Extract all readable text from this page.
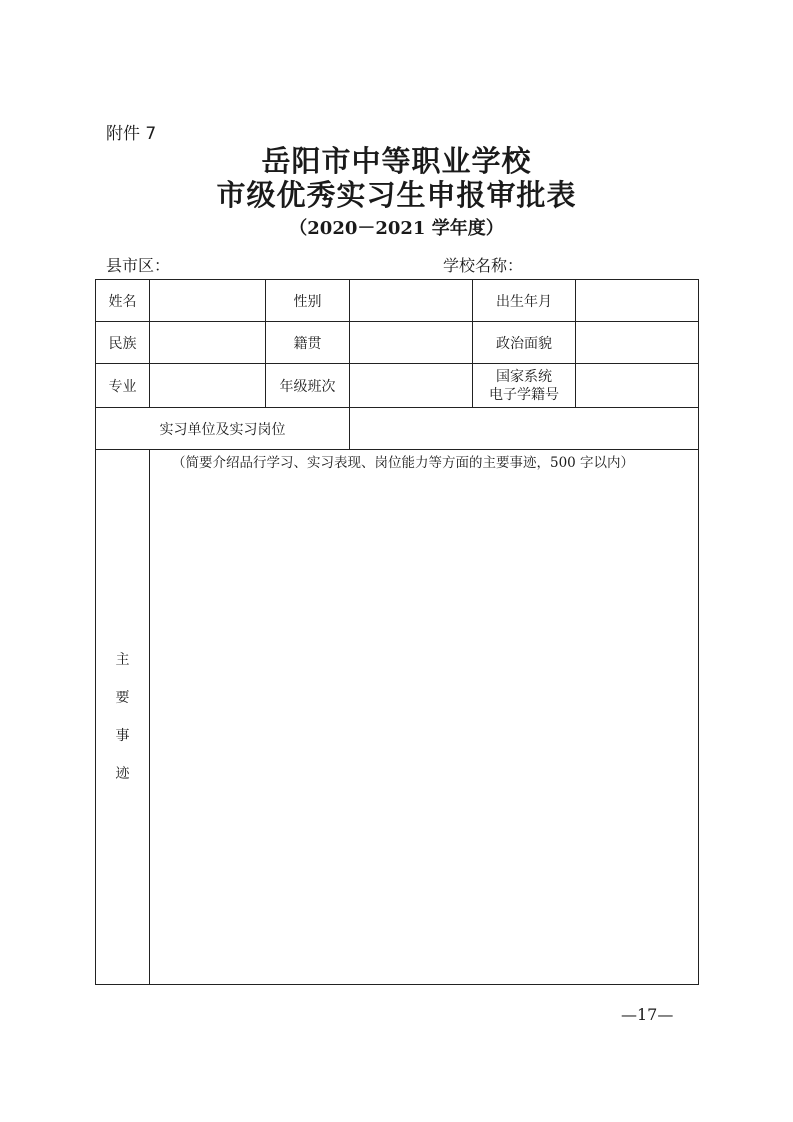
附件 7
岳阳市中等职业学校
市级优秀实习生申报审批表
（2020－2021 学年度）
县市区：	学校名称：
姓名		性别		出生年月	
民族		籍贯		政治面貌	
专业		年级班次		国家系统
电子学籍号	
实习单位及实习岗位					

主
要
事
迹	（简要介绍品行学习、实习表现、岗位能力等方面的主要事迹，500 字以内）				
—17—
